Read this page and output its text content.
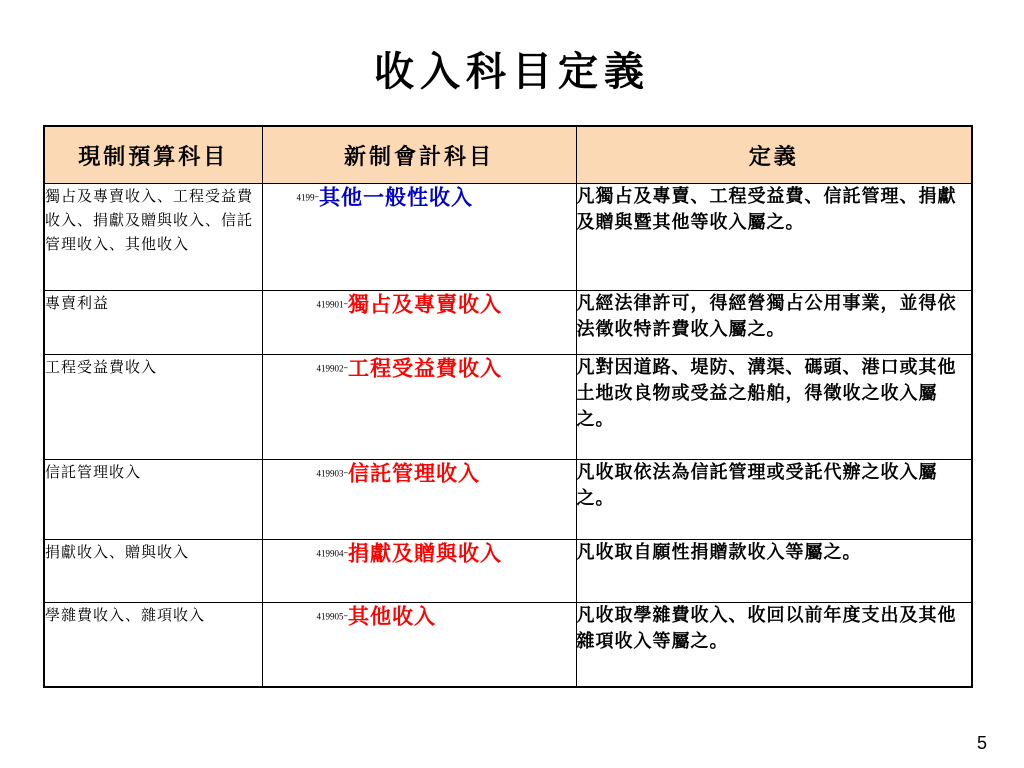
收入科目定義
現制預算科目	新制會計科目	定義
獨占及專賣收入、工程受益費收入、捐獻及贈與收入、信託管理收入、其他收入	4199–其他一般性收入	凡獨占及專賣、工程受益費、信託管理、捐獻及贈與暨其他等收入屬之。
專賣利益	419901–獨占及專賣收入	凡經法律許可，得經營獨占公用事業，並得依法徵收特許費收入屬之。
工程受益費收入	419902–工程受益費收入	凡對因道路、堤防、溝渠、碼頭、港口或其他土地改良物或受益之船舶，得徵收之收入屬之。
信託管理收入	419903–信託管理收入	凡收取依法為信託管理或受託代辦之收入屬之。
捐獻收入、贈與收入	419904–捐獻及贈與收入	凡收取自願性捐贈款收入等屬之。
學雜費收入、雜項收入	419905–其他收入	凡收取學雜費收入、收回以前年度支出及其他雜項收入等屬之。
5
